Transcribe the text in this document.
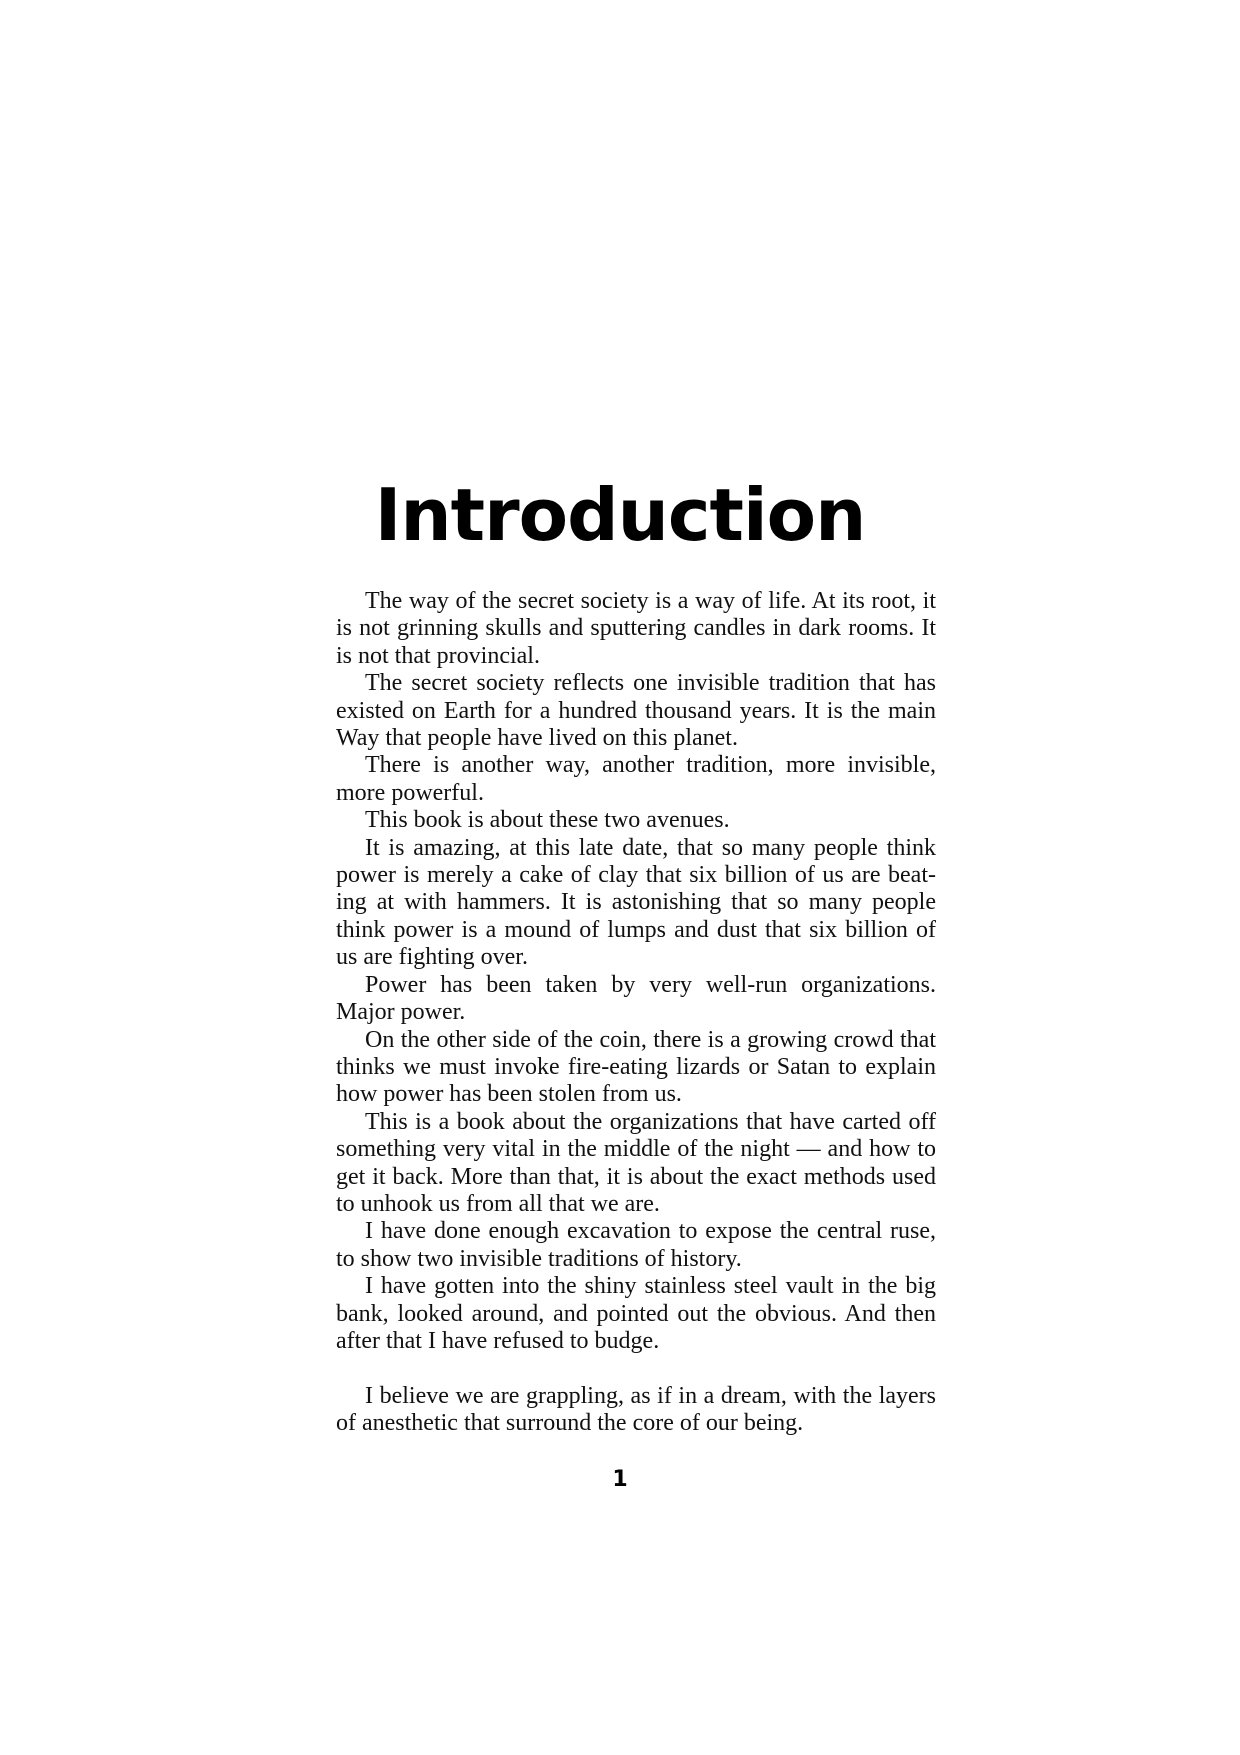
Introduction

The way of the secret society is a way of life. At its root, it is not grinning skulls and sputtering candles in dark rooms. It is not that provincial.

The secret society reflects one invisible tradition that has existed on Earth for a hundred thousand years. It is the main Way that people have lived on this planet.

There is another way, another tradition, more invisible, more powerful.

This book is about these two avenues.

It is amazing, at this late date, that so many people think power is merely a cake of clay that six billion of us are beating at with hammers. It is astonishing that so many people think power is a mound of lumps and dust that six billion of us are fighting over.

Power has been taken by very well-run organizations. Major power.

On the other side of the coin, there is a growing crowd that thinks we must invoke fire-eating lizards or Satan to explain how power has been stolen from us.

This is a book about the organizations that have carted off something very vital in the middle of the night — and how to get it back. More than that, it is about the exact methods used to unhook us from all that we are.

I have done enough excavation to expose the central ruse, to show two invisible traditions of history.

I have gotten into the shiny stainless steel vault in the big bank, looked around, and pointed out the obvious. And then after that I have refused to budge.

I believe we are grappling, as if in a dream, with the layers of anesthetic that surround the core of our being.

1
